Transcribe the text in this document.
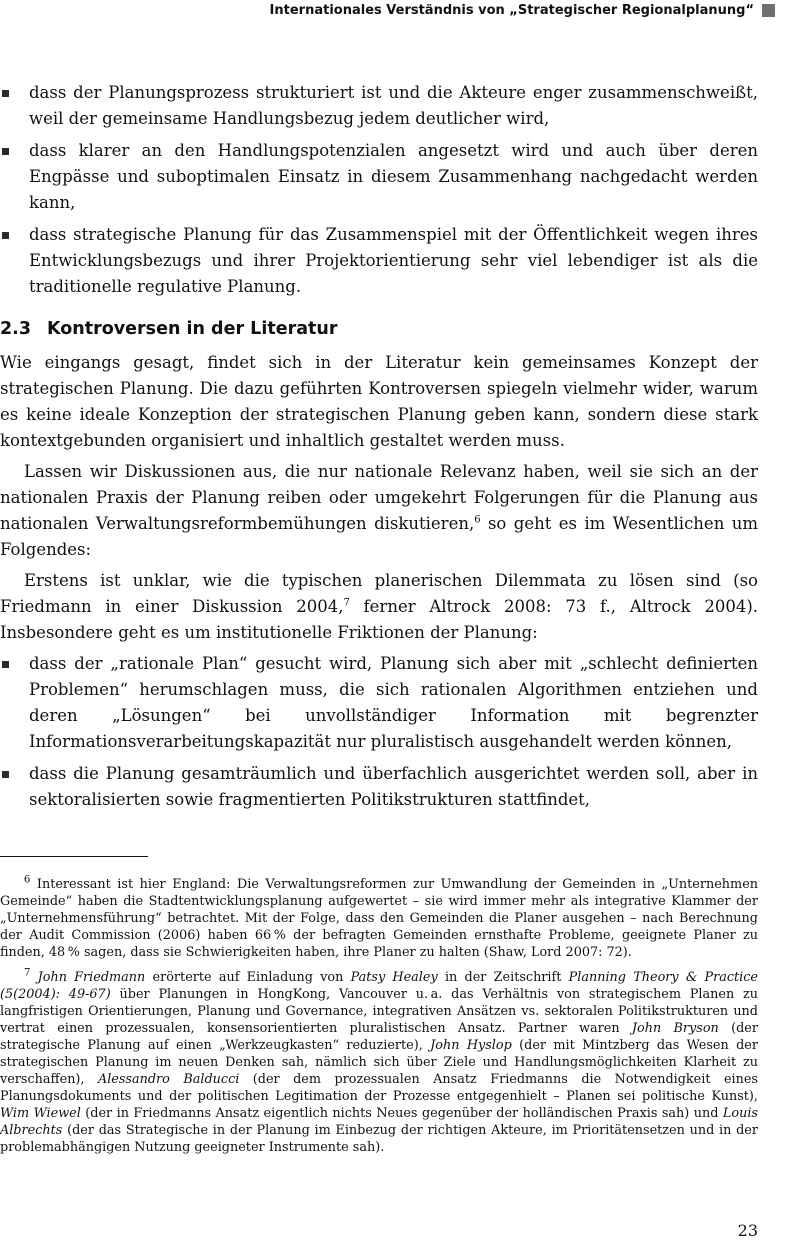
Internationales Verständnis von „Strategischer Regionalplanung“
dass der Planungsprozess strukturiert ist und die Akteure enger zusammenschweißt, weil der gemeinsame Handlungsbezug jedem deutlicher wird,
dass klarer an den Handlungspotenzialen angesetzt wird und auch über deren Engpässe und suboptimalen Einsatz in diesem Zusammenhang nachgedacht werden kann,
dass strategische Planung für das Zusammenspiel mit der Öffentlichkeit wegen ihres Entwicklungsbezugs und ihrer Projektorientierung sehr viel lebendiger ist als die traditionelle regulative Planung.
2.3 Kontroversen in der Literatur

Wie eingangs gesagt, findet sich in der Literatur kein gemeinsames Konzept der strategischen Planung. Die dazu geführten Kontroversen spiegeln vielmehr wider, warum es keine ideale Konzeption der strategischen Planung geben kann, sondern diese stark kontextgebunden organisiert und inhaltlich gestaltet werden muss.

Lassen wir Diskussionen aus, die nur nationale Relevanz haben, weil sie sich an der nationalen Praxis der Planung reiben oder umgekehrt Folgerungen für die Planung aus nationalen Verwaltungsreformbemühungen diskutieren,$^6$ so geht es im Wesentlichen um Folgendes:

Erstens ist unklar, wie die typischen planerischen Dilemmata zu lösen sind (so Friedmann in einer Diskussion 2004,$^7$ ferner Altrock 2008: 73 f., Altrock 2004). Insbesondere geht es um institutionelle Friktionen der Planung:

dass der „rationale Plan“ gesucht wird, Planung sich aber mit „schlecht definierten Problemen“ herumschlagen muss, die sich rationalen Algorithmen entziehen und deren „Lösungen“ bei unvollständiger Information mit begrenzter Informationsverarbeitungskapazität nur pluralistisch ausgehandelt werden können,
dass die Planung gesamträumlich und überfachlich ausgerichtet werden soll, aber in sektoralisierten sowie fragmentierten Politikstrukturen stattfindet,

$^6$ Interessant ist hier England: Die Verwaltungsreformen zur Umwandlung der Gemeinden in „Unternehmen Gemeinde“ haben die Stadtentwicklungsplanung aufgewertet – sie wird immer mehr als integrative Klammer der „Unternehmensführung“ betrachtet. Mit der Folge, dass den Gemeinden die Planer ausgehen – nach Berechnung der Audit Commission (2006) haben 66 % der befragten Gemeinden ernsthafte Probleme, geeignete Planer zu finden, 48 % sagen, dass sie Schwierigkeiten haben, ihre Planer zu halten (Shaw, Lord 2007: 72).

$^7$ John Friedmann erörterte auf Einladung von Patsy Healey in der Zeitschrift Planning Theory & Practice (5(2004): 49-67) über Planungen in HongKong, Vancouver u. a. das Verhältnis von strategischem Planen zu langfristigen Orientierungen, Planung und Governance, integrativen Ansätzen vs. sektoralen Politikstrukturen und vertrat einen prozessualen, konsensorientierten pluralistischen Ansatz. Partner waren John Bryson (der strategische Planung auf einen „Werkzeugkasten“ reduzierte), John Hyslop (der mit Mintzberg das Wesen der strategischen Planung im neuen Denken sah, nämlich sich über Ziele und Handlungsmöglichkeiten Klarheit zu verschaffen), Alessandro Balducci (der dem prozessualen Ansatz Friedmanns die Notwendigkeit eines Planungsdokuments und der politischen Legitimation der Prozesse entgegenhielt – Planen sei politische Kunst), Wim Wiewel (der in Friedmanns Ansatz eigentlich nichts Neues gegenüber der holländischen Praxis sah) und Louis Albrechts (der das Strategische in der Planung im Einbezug der richtigen Akteure, im Prioritätensetzen und in der problemabhängigen Nutzung geeigneter Instrumente sah).

23
